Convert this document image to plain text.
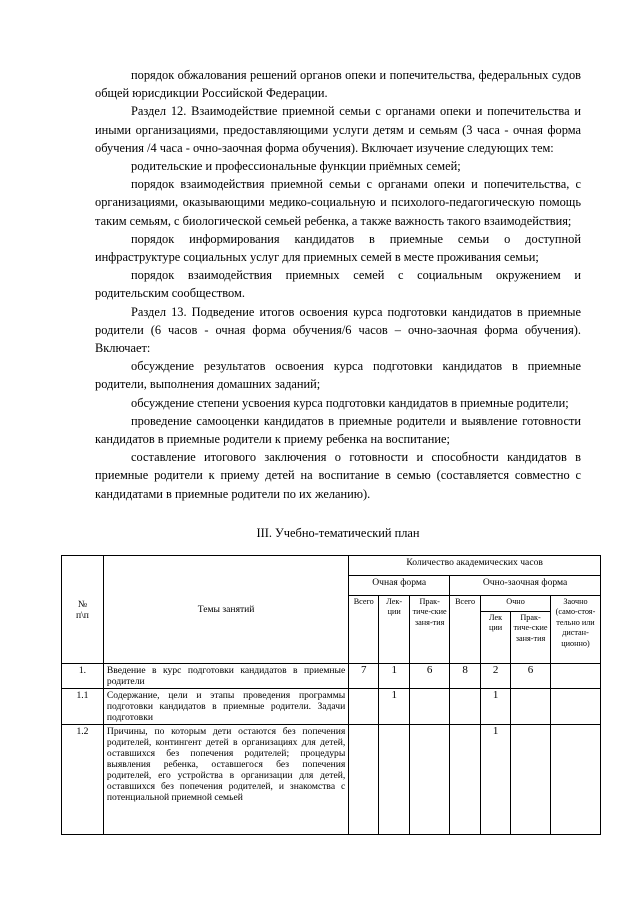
порядок обжалования решений органов опеки и попечительства, федеральных судов общей юрисдикции Российской Федерации.

Раздел 12. Взаимодействие приемной семьи с органами опеки и попечительства и иными организациями, предоставляющими услуги детям и семьям (3 часа - очная форма обучения /4 часа - очно-заочная форма обучения). Включает изучение следующих тем:

родительские и профессиональные функции приёмных семей;

порядок взаимодействия приемной семьи с органами опеки и попечительства, с организациями, оказывающими медико-социальную и психолого-педагогическую помощь таким семьям, с биологической семьей ребенка, а также важность такого взаимодействия;

порядок информирования кандидатов в приемные семьи о доступной инфраструктуре социальных услуг для приемных семей в месте проживания семьи;

порядок взаимодействия приемных семей с социальным окружением и родительским сообществом.

Раздел 13. Подведение итогов освоения курса подготовки кандидатов в приемные родители (6 часов - очная форма обучения/6 часов – очно-заочная форма обучения). Включает:

обсуждение результатов освоения курса подготовки кандидатов в приемные родители, выполнения домашних заданий;

обсуждение степени усвоения курса подготовки кандидатов в приемные родители;

проведение самооценки кандидатов в приемные родители и выявление готовности кандидатов в приемные родители к приему ребенка на воспитание;

составление итогового заключения о готовности и способности кандидатов в приемные родители к приему детей на воспитание в семью (составляется совместно с кандидатами в приемные родители по их желанию).

III. Учебно-тематический план
№
п\п	Темы занятий	Количество академических часов						
		Очная форма			Очно-заочная форма			
		Всего	Лек-ции	Прак-тиче-ские заня-тия	Всего	Очно		Заочно (само-стоя-тельно или дистан-ционно)
						Лек ции	Прак-тиче-ские заня-тия	
1.	Введение в курс подготовки кандидатов в приемные родители	7	1	6	8	2	6	
1.1	Содержание, цели и этапы проведения программы подготовки кандидатов в приемные родители. Задачи подготовки		1			1		
1.2	Причины, по которым дети остаются без попечения родителей, контингент детей в организациях для детей, оставшихся без попечения родителей; процедуры выявления ребенка, оставшегося без попечения родителей, его устройства в организации для детей, оставшихся без попечения родителей, и знакомства с потенциальной приемной семьей					1		
